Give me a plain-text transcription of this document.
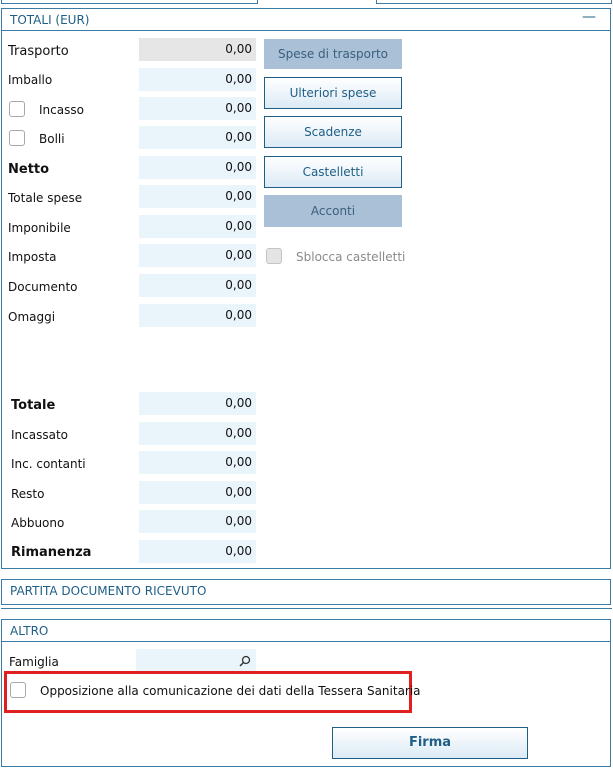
TOTALI (EUR)	—
Trasporto	0,00
Imballo	0,00
Incasso	0,00
Bolli	0,00
Netto	0,00
Totale spese	0,00
Imponibile	0,00
Imposta	0,00
Documento	0,00
Omaggi	0,00
Totale	0,00
Incassato	0,00
Inc. contanti	0,00
Resto	0,00
Abbuono	0,00
Rimanenza	0,00
Spese di trasporto
Ulteriori spese
Scadenze
Castelletti
Acconti
Sblocca castelletti
PARTITA DOCUMENTO RICEVUTO
ALTRO
Famiglia
Opposizione alla comunicazione dei dati della Tessera Sanitaria
Firma
